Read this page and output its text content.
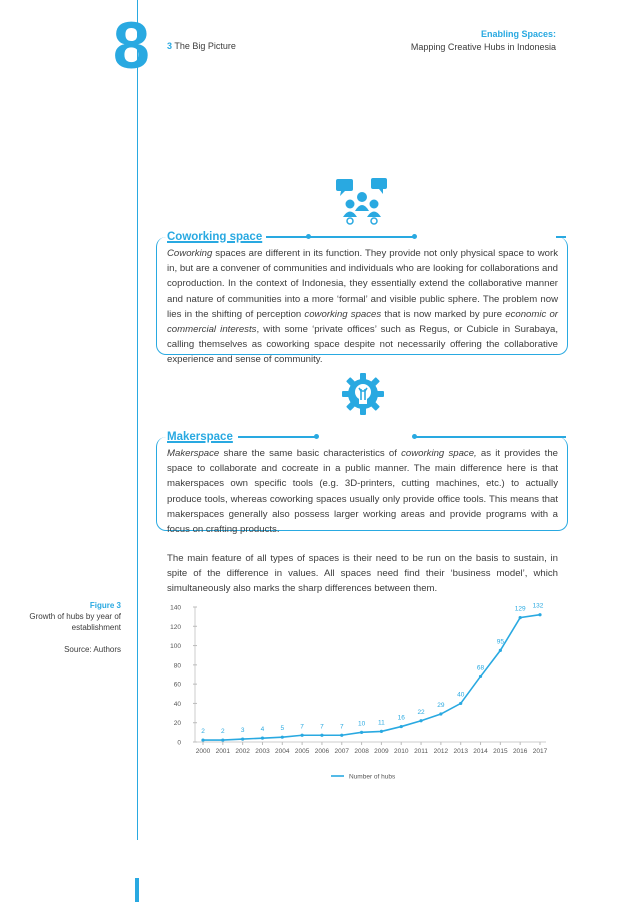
8 3 The Big Picture
Enabling Spaces:
Mapping Creative Hubs in Indonesia
Coworking space
Coworking spaces are different in its function. They provide not only physical space to work in, but are a convener of communities and individuals who are looking for collaborations and coproduction. In the context of Indonesia, they essentially extend the collaborative manner and nature of communities into a more ‘formal’ and visible public sphere. The problem now lies in the shifting of perception coworking spaces that is now marked by pure economic or commercial interests, with some ‘private offices’ such as Regus, or Cubicle in Surabaya, calling themselves as coworking space despite not necessarily offering the collaborative experience and sense of community.
Makerspace
Makerspace share the same basic characteristics of coworking space, as it provides the space to collaborate and cocreate in a public manner. The main difference here is that makerspaces own specific tools (e.g. 3D-printers, cutting machines, etc.) to actually produce tools, whereas coworking spaces usually only provide office tools. This means that makerspaces generally also possess larger working areas and provide programs with a focus on crafting products.
The main feature of all types of spaces is their need to be run on the basis to sustain, in spite of the difference in values. All spaces need find their ‘business model’, which simultaneously also marks the sharp differences between them.
Figure 3
Growth of hubs by year of establishment
Source: Authors
0
20
40
60
80
100
120
140
2000 2001 2002 2003 2004 2005 2006 2007 2008 2009 2010 2011 2012 2013 2014 2015 2016 2017
2 2 3 4 5 7 7 7 10 11
16
22
29
40
68
95
129 132
Number of hubs
